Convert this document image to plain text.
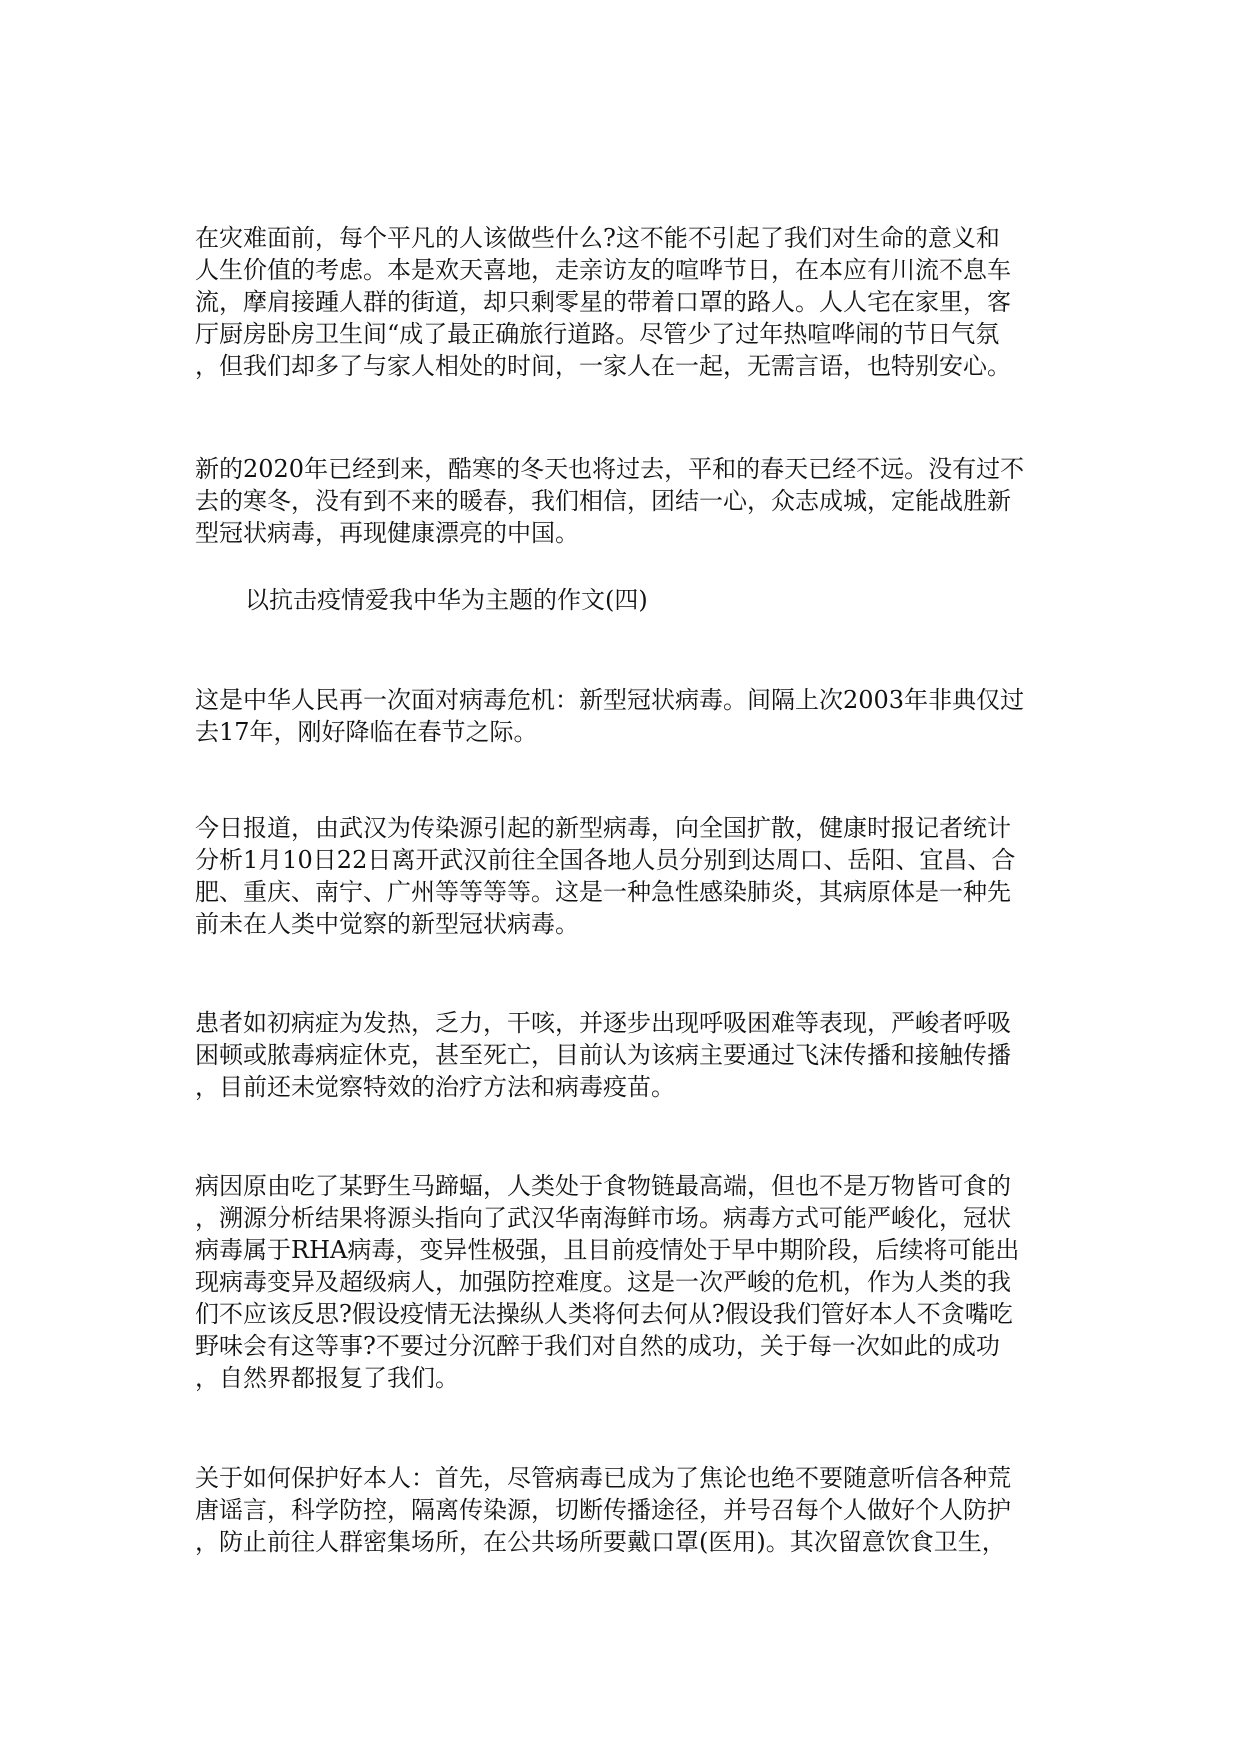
在灾难面前，每个平凡的人该做些什么?这不能不引起了我们对生命的意义和
人生价值的考虑。本是欢天喜地，走亲访友的喧哗节日，在本应有川流不息车
流，摩肩接踵人群的街道，却只剩零星的带着口罩的路人。人人宅在家里，客
厅厨房卧房卫生间“成了最正确旅行道路。尽管少了过年热喧哗闹的节日气氛
，但我们却多了与家人相处的时间，一家人在一起，无需言语，也特别安心。

新的2020年已经到来，酷寒的冬天也将过去，平和的春天已经不远。没有过不
去的寒冬，没有到不来的暖春，我们相信，团结一心，众志成城，定能战胜新
型冠状病毒，再现健康漂亮的中国。

以抗击疫情爱我中华为主题的作文(四)

这是中华人民再一次面对病毒危机：新型冠状病毒。间隔上次2003年非典仅过
去17年，刚好降临在春节之际。

今日报道，由武汉为传染源引起的新型病毒，向全国扩散，健康时报记者统计
分析1月10日22日离开武汉前往全国各地人员分别到达周口、岳阳、宜昌、合
肥、重庆、南宁、广州等等等等。这是一种急性感染肺炎，其病原体是一种先
前未在人类中觉察的新型冠状病毒。

患者如初病症为发热，乏力，干咳，并逐步出现呼吸困难等表现，严峻者呼吸
困顿或脓毒病症休克，甚至死亡，目前认为该病主要通过飞沫传播和接触传播
，目前还未觉察特效的治疗方法和病毒疫苗。

病因原由吃了某野生马蹄蝠，人类处于食物链最高端，但也不是万物皆可食的
，溯源分析结果将源头指向了武汉华南海鲜市场。病毒方式可能严峻化，冠状
病毒属于RHA病毒，变异性极强，且目前疫情处于早中期阶段，后续将可能出
现病毒变异及超级病人，加强防控难度。这是一次严峻的危机，作为人类的我
们不应该反思?假设疫情无法操纵人类将何去何从?假设我们管好本人不贪嘴吃
野味会有这等事?不要过分沉醉于我们对自然的成功，关于每一次如此的成功
，自然界都报复了我们。

关于如何保护好本人：首先，尽管病毒已成为了焦论也绝不要随意听信各种荒
唐谣言，科学防控，隔离传染源，切断传播途径，并号召每个人做好个人防护
，防止前往人群密集场所，在公共场所要戴口罩(医用)。其次留意饮食卫生，
